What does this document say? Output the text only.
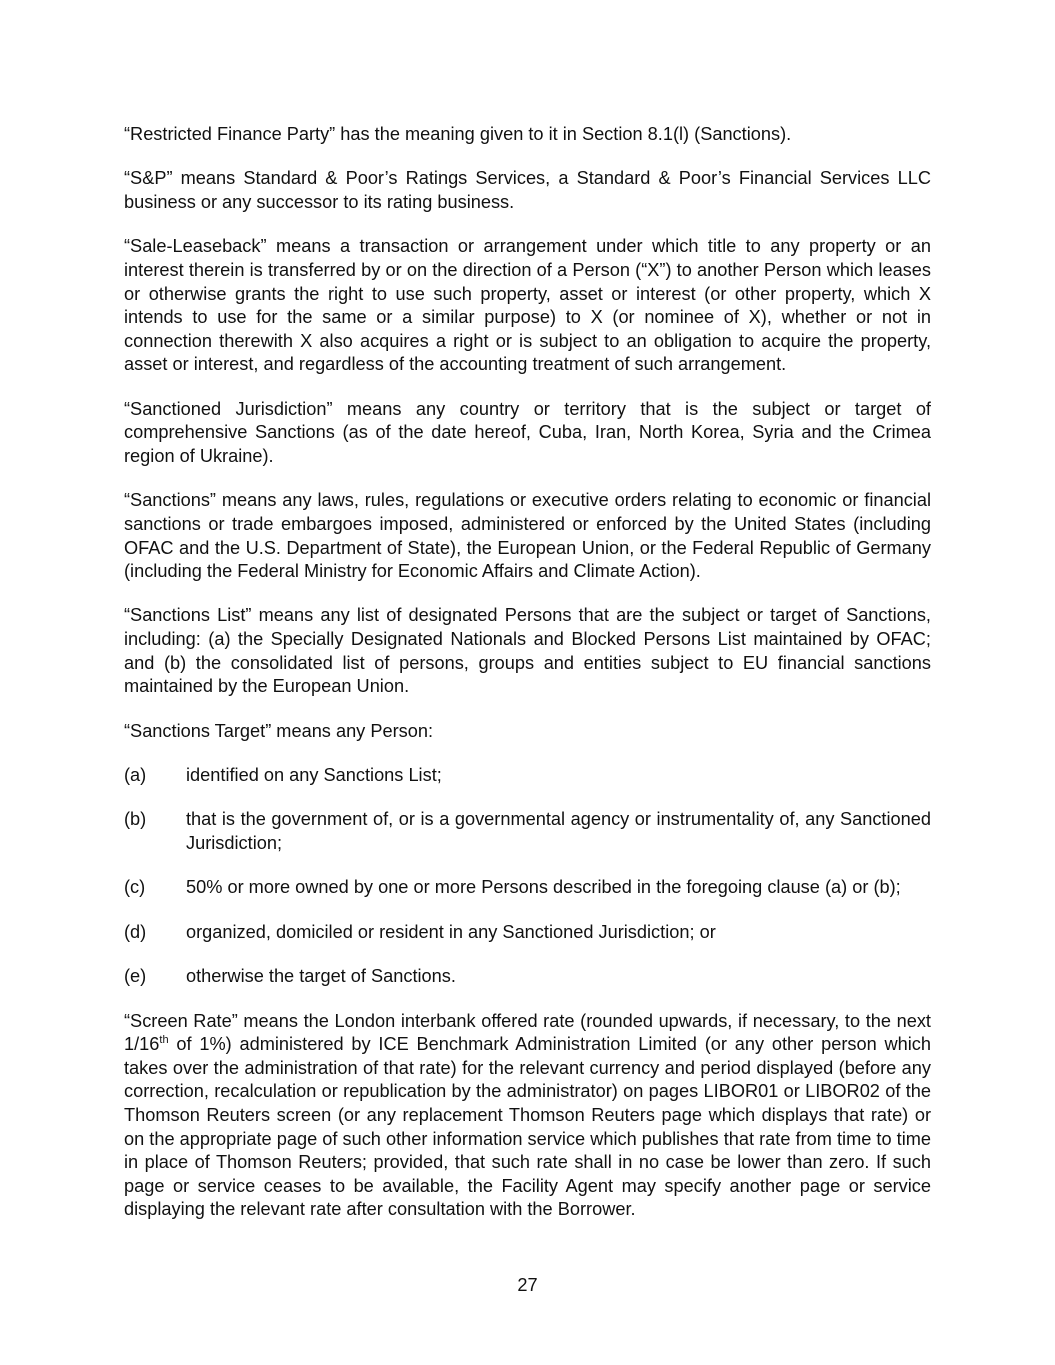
“Restricted Finance Party” has the meaning given to it in Section 8.1(l) (Sanctions).

“S&P” means Standard & Poor’s Ratings Services, a Standard & Poor’s Financial Services LLC business or any successor to its rating business.

“Sale-Leaseback” means a transaction or arrangement under which title to any property or an interest therein is transferred by or on the direction of a Person (“X”) to another Person which leases or otherwise grants the right to use such property, asset or interest (or other property, which X intends to use for the same or a similar purpose) to X (or nominee of X), whether or not in connection therewith X also acquires a right or is subject to an obligation to acquire the property, asset or interest, and regardless of the accounting treatment of such arrangement.

“Sanctioned Jurisdiction” means any country or territory that is the subject or target of comprehensive Sanctions (as of the date hereof, Cuba, Iran, North Korea, Syria and the Crimea region of Ukraine).

“Sanctions” means any laws, rules, regulations or executive orders relating to economic or financial sanctions or trade embargoes imposed, administered or enforced by the United States (including OFAC and the U.S. Department of State), the European Union, or the Federal Republic of Germany (including the Federal Ministry for Economic Affairs and Climate Action).

“Sanctions List” means any list of designated Persons that are the subject or target of Sanctions, including: (a) the Specially Designated Nationals and Blocked Persons List maintained by OFAC; and (b) the consolidated list of persons, groups and entities subject to EU financial sanctions maintained by the European Union.

“Sanctions Target” means any Person:

(a)	identified on any Sanctions List;
(b)	that is the government of, or is a governmental agency or instrumentality of, any Sanctioned Jurisdiction;
(c)	50% or more owned by one or more Persons described in the foregoing clause (a) or (b);
(d)	organized, domiciled or resident in any Sanctioned Jurisdiction; or
(e)	otherwise the target of Sanctions.

“Screen Rate” means the London interbank offered rate (rounded upwards, if necessary, to the next 1/16th of 1%) administered by ICE Benchmark Administration Limited (or any other person which takes over the administration of that rate) for the relevant currency and period displayed (before any correction, recalculation or republication by the administrator) on pages LIBOR01 or LIBOR02 of the Thomson Reuters screen (or any replacement Thomson Reuters page which displays that rate) or on the appropriate page of such other information service which publishes that rate from time to time in place of Thomson Reuters; provided, that such rate shall in no case be lower than zero. If such page or service ceases to be available, the Facility Agent may specify another page or service displaying the relevant rate after consultation with the Borrower.

27
